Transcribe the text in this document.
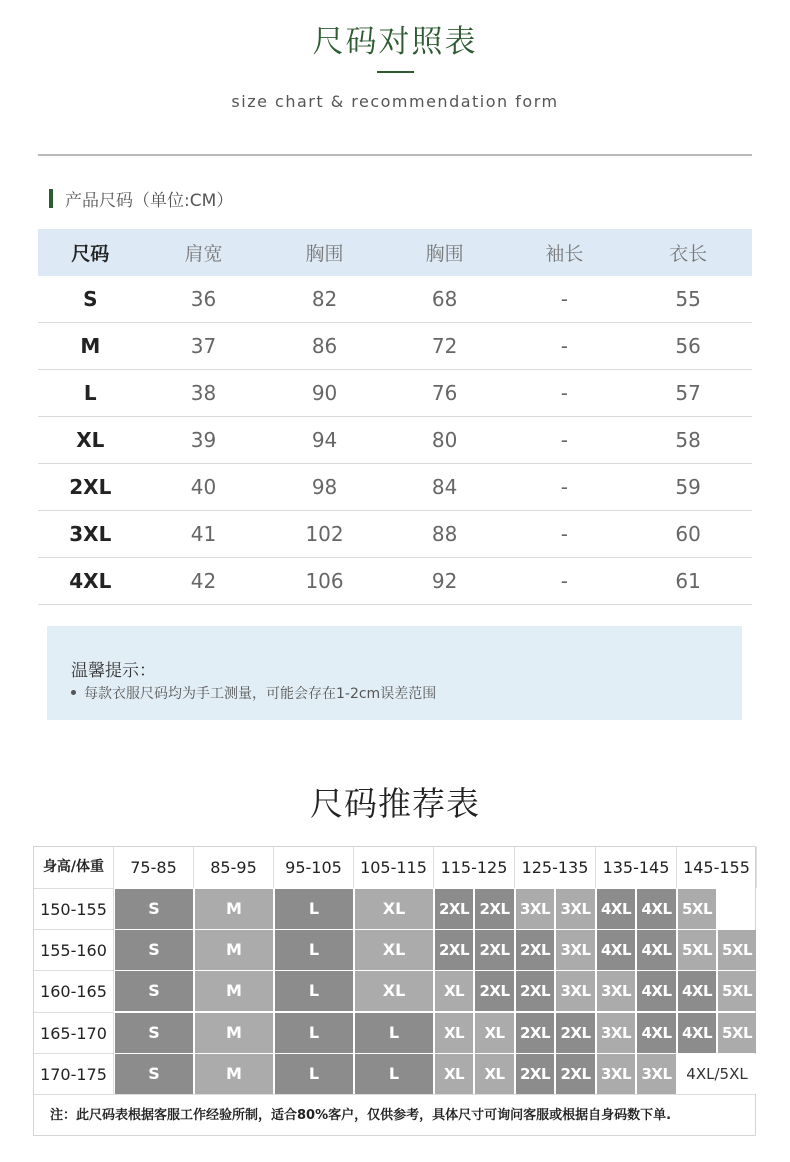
尺码对照表
size chart & recommendation form
产品尺码（单位:CM）
尺码	肩宽	胸围	胸围	袖长	衣长
S	36	82	68	-	55
M	37	86	72	-	56
L	38	90	76	-	57
XL	39	94	80	-	58
2XL	40	98	84	-	59
3XL	41	102	88	-	60
4XL	42	106	92	-	61
温馨提示：
每款衣服尺码均为手工测量，可能会存在1-2cm误差范围
尺码推荐表
注：此尺码表根据客服工作经验所制，适合80%客户，仅供参考，具体尺寸可询问客服或根据自身码数下单.
身高/体重	75-85	85-95	95-105	105-115 115-125 125-135 135-145 145-155
150-155	S	M	L	XL	2XL 2XL 3XL 3XL 4XL 4XL 5XL
155-160	S	M	L	XL	2XL 2XL 2XL 3XL 4XL 4XL 5XL 5XL
160-165	S	M	L	XL	XL	2XL 2XL 3XL 3XL 4XL 4XL 5XL
165-170	S	M	L	L	XL	XL	2XL 2XL 3XL 4XL 4XL 5XL
170-175	S	M	L	L	XL	XL	2XL 2XL 3XL 3XL 4XL/5XL
